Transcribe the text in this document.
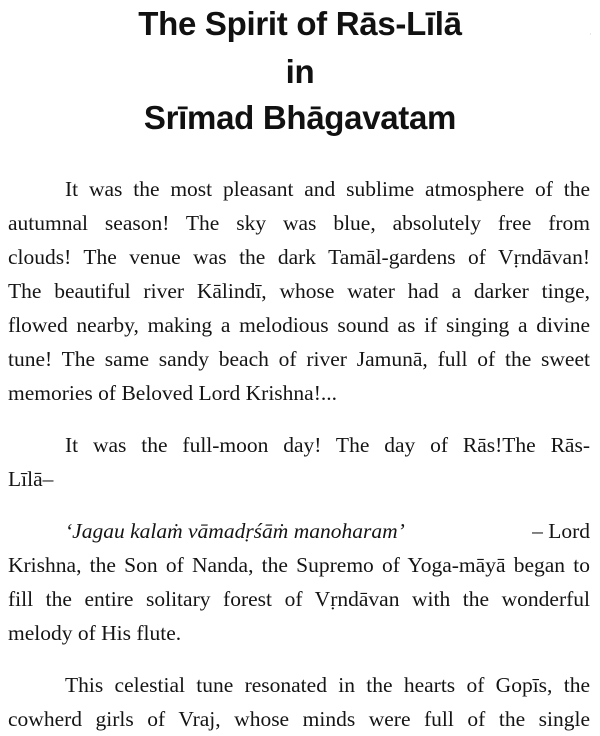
·
The Spirit of Rās-Līlā
in
Srīmad Bhāgavatam
It was the most pleasant and sublime atmosphere of the
autumnal season! The sky was blue, absolutely free from
clouds! The venue was the dark Tamāl-gardens of Vṛndāvan!
The beautiful river Kālindī, whose water had a darker tinge,
flowed nearby, making a melodious sound as if singing a divine
tune! The same sandy beach of river Jamunā, full of the sweet
memories of Beloved Lord Krishna!...
It was the full-moon day! The day of Rās!The Rās-
Līlā–
‘Jagau kalaṁ vāmadṛśāṁ manoharam’	– Lord
Krishna, the Son of Nanda, the Supremo of Yoga-māyā began to
fill the entire solitary forest of Vṛndāvan with the wonderful
melody of His flute.
This celestial tune resonated in the hearts of Gopīs, the
cowherd girls of Vraj, whose minds were full of the single
